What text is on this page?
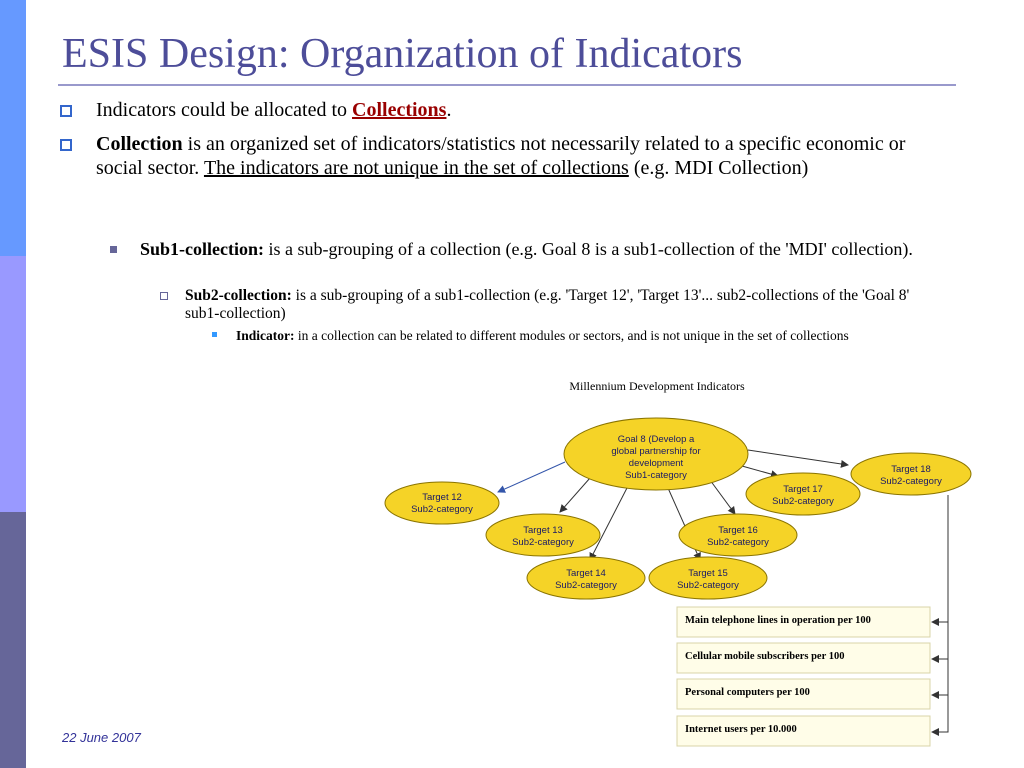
ESIS Design: Organization of Indicators
Indicators could be allocated to Collections.
Collection is an organized set of indicators/statistics not necessarily related to a specific economic or social sector. The indicators are not unique in the set of collections (e.g. MDI Collection)
Sub1-collection: is a sub-grouping of a collection (e.g. Goal 8 is a sub1-collection of the 'MDI' collection).
Sub2-collection: is a sub-grouping of a sub1-collection (e.g. 'Target 12', 'Target 13'... sub2-collections of the 'Goal 8' sub1-collection)
Indicator: in a collection can be related to different modules or sectors, and is not unique in the set of collections
Millennium Development Indicators
Goal 8 (Develop a
global partnership for
development
Sub1-category
Target 12
Sub2-category
Target 13
Sub2-category
Target 14
Sub2-category
Target 15
Sub2-category
Target 16
Sub2-category
Target 17
Sub2-category
Target 18
Sub2-category
Main telephone lines in operation per 100
Cellular mobile subscribers per 100
Personal computers per 100
Internet users per 10.000
22 June 2007
